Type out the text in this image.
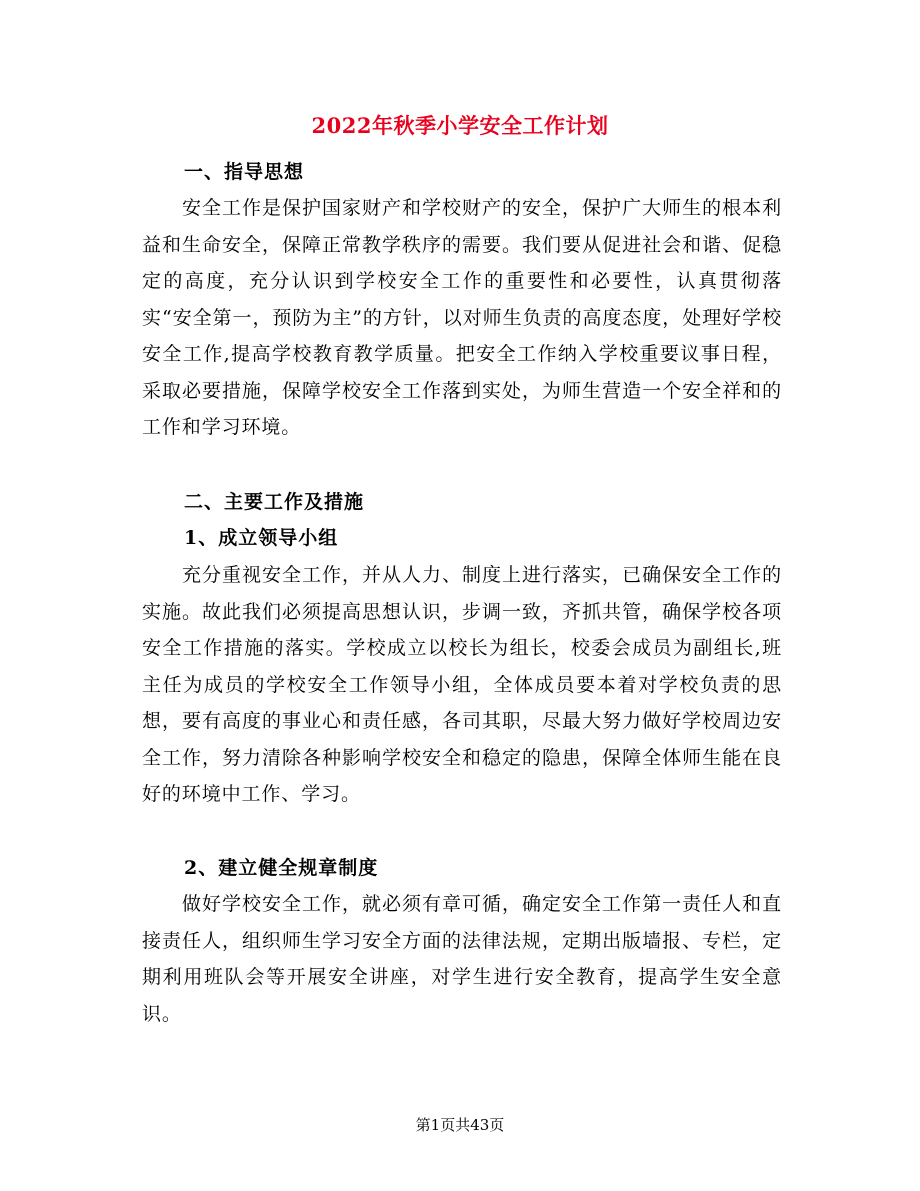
2022年秋季小学安全工作计划
一、指导思想

安全工作是保护国家财产和学校财产的安全，保护广大师生的根本利益和生命安全，保障正常教学秩序的需要。我们要从促进社会和谐、促稳定的高度，充分认识到学校安全工作的重要性和必要性，认真贯彻落实“安全第一，预防为主”的方针，以对师生负责的高度态度，处理好学校安全工作,提高学校教育教学质量。把安全工作纳入学校重要议事日程，采取必要措施，保障学校安全工作落到实处，为师生营造一个安全祥和的工作和学习环境。

二、主要工作及措施
1、成立领导小组

充分重视安全工作，并从人力、制度上进行落实，已确保安全工作的实施。故此我们必须提高思想认识，步调一致，齐抓共管，确保学校各项安全工作措施的落实。学校成立以校长为组长，校委会成员为副组长,班主任为成员的学校安全工作领导小组，全体成员要本着对学校负责的思想，要有高度的事业心和责任感，各司其职，尽最大努力做好学校周边安全工作，努力清除各种影响学校安全和稳定的隐患，保障全体师生能在良好的环境中工作、学习。

2、建立健全规章制度

做好学校安全工作，就必须有章可循，确定安全工作第一责任人和直接责任人，组织师生学习安全方面的法律法规，定期出版墙报、专栏，定期利用班队会等开展安全讲座，对学生进行安全教育，提高学生安全意识。

第1页共43页
